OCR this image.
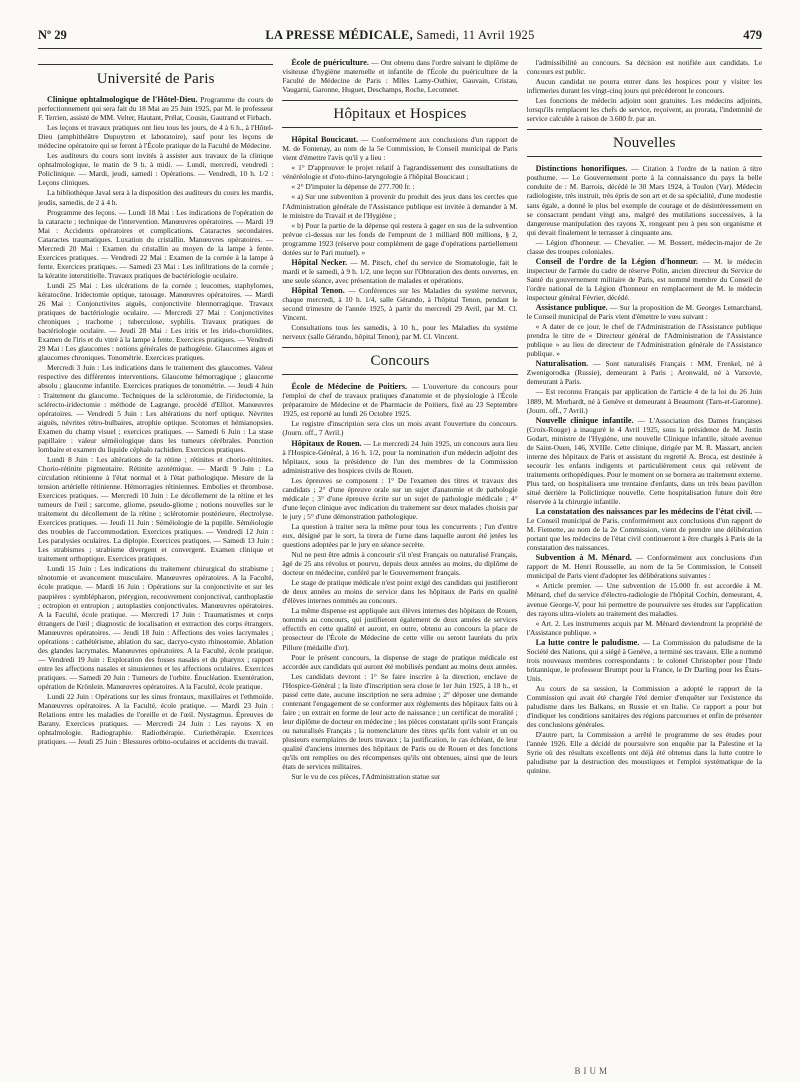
Nº 29	LA PRESSE MÉDICALE, Samedi, 11 Avril 1925	479
Université de Paris

Clinique ophtalmologique de l'Hôtel-Dieu. Programme du cours de perfectionnement qui sera fait du 18 Mai au 25 Juin 1925, par M. le professeur F. Terrien, assisté de MM. Velter, Hautant, Prélat, Cousin, Gautrand et Firbach.

Les leçons et travaux pratiques ont lieu tous les jours, de 4 à 6 h., à l'Hôtel-Dieu (amphithéâtre Dupuytren et laboratoire), sauf pour les leçons de médecine opératoire qui se feront à l'École pratique de la Faculté de Médecine.

Les auditeurs du cours sont invités à assister aux travaux de la clinique ophtalmologique, le matin de 9 h. à midi. — Lundi, mercredi, vendredi : Policlinique. — Mardi, jeudi, samedi : Opérations. — Vendredi, 10 h. 1/2 : Leçons cliniques.

La bibliothèque Javal sera à la disposition des auditeurs du cours les mardis, jeudis, samedis, de 2 à 4 h.

Programme des leçons. — Lundi 18 Mai : Les indications de l'opération de la cataracte ; technique de l'intervention. Manœuvres opératoires. — Mardi 19 Mai : Accidents opératoires et complications. Cataractes secondaires. Cataractes traumatiques. Luxation du cristallin. Manœuvres opératoires. — Mercredi 20 Mai : Examen du cristallin au moyen de la lampe à fente. Exercices pratiques. — Vendredi 22 Mai : Examen de la cornée à la lampe à fente. Exercices pratiques. — Samedi 23 Mai : Les infiltrations de la cornée ; la kératite interstitielle. Travaux pratiques de bactériologie oculaire.

Lundi 25 Mai : Les ulcérations de la cornée ; leucomes, staphylomes, kératocône. Iridectomie optique, tatouage. Manœuvres opératoires. — Mardi 26 Mai : Conjonctivites aiguës, conjonctivite blennorragique. Travaux pratiques de bactériologie oculaire. — Mercredi 27 Mai : Conjonctivites chroniques ; trachome ; tuberculose, syphilis. Travaux pratiques de bactériologie oculaire. — Jeudi 28 Mai : Les iritis et les irido-choroïdites. Examen de l'iris et du vitré à la lampe à fente. Exercices pratiques. — Vendredi 29 Mai : Les glaucomes : notions générales de pathogénie. Glaucomes aigus et glaucomes chroniques. Tonométrie. Exercices pratiques.

Mercredi 3 Juin : Les indications dans le traitement des glaucomes. Valeur respective des différentes interventions. Glaucome hémorragique ; glaucome absolu ; glaucome infantile. Exercices pratiques de tonométrie. — Jeudi 4 Juin : Traitement du glaucome. Techniques de la sclérotomie, de l'iridectomie, la sclérecto-iridectomie : méthode de Lagrange, procédé d'Elliot. Manœuvres opératoires. — Vendredi 5 Juin : Les altérations du nerf optique. Névrites aiguës, névrites rétro-bulbaires, atrophie optique. Scotomes et hémianopsies. Examen du champ visuel ; exercices pratiques. — Samedi 6 Juin : La stase papillaire : valeur séméiologique dans les tumeurs cérébrales. Ponction lombaire et examen du liquide céphalo rachidien. Exercices pratiques.

Lundi 8 Juin : Les altérations de la rétine ; rétinites et chorio-rétinites. Chorio-rétinite pigmentaire. Rétinite azotémique. — Mardi 9 Juin : La circulation rétinienne à l'état normal et à l'état pathologique. Mesure de la tension artérielle rétinienne. Hémorragies rétiniennes. Embolies et thrombose. Exercices pratiques. — Mercredi 10 Juin : Le décollement de la rétine et les tumeurs de l'œil ; sarcome, gliome, pseudo-gliome ; notions nouvelles sur le traitement du décollement de la rétine ; sclérotomie postérieure, électrolyse. Exercices pratiques. — Jeudi 11 Juin : Séméiologie de la pupille. Séméiologie des troubles de l'accommodation. Exercices pratiques. — Vendredi 12 Juin : Les paralysies oculaires. La diplopie. Exercices pratiques. — Samedi 13 Juin : Les strabismes ; strabisme divergent et convergent. Examen clinique et traitement orthoptique. Exercices pratiques.

Lundi 15 Juin : Les indications du traitement chirurgical du strabisme ; ténotomie et avancement musculaire. Manœuvres opératoires. A la Faculté, école pratique. — Mardi 16 Juin : Opérations sur la conjonctivite et sur les paupières : symblépharon, ptérygion, recouvrement conjonctival, canthoplastie ; ectropion et entropion ; autoplasties conjonctivales. Manœuvres opératoires. A la Faculté, école pratique. — Mercredi 17 Juin : Traumatismes et corps étrangers de l'œil ; diagnostic de localisation et extraction des corps étrangers. Manœuvres opératoires. — Jeudi 18 Juin : Affections des voies lacrymales ; opérations : cathétérisme, ablation du sac, dacryo-cysto rhinostomie. Ablation des glandes lacrymales. Manœuvres opératoires. A la Faculté, école pratique. — Vendredi 19 Juin : Exploration des fosses nasales et du pharynx ; rapport entre les affections nasales et sinusiennes et les affections oculaires. Exercices pratiques. — Samedi 20 Juin : Tumeurs de l'orbite. Énucléation. Exentération, opération de Krönlein. Manœuvres opératoires. A la Faculté, école pratique.

Lundi 22 Juin : Opérations sur les sinus frontaux, maxillaires et l'ethmoïde. Manœuvres opératoires. A la Faculté, école pratique. — Mardi 23 Juin : Relations entre les maladies de l'oreille et de l'œil. Nystagmus. Épreuves de Barany. Exercices pratiques. — Mercredi 24 Juin : Les rayons X en ophtalmologie. Radiographie. Radiothérapie. Curiethérapie. Exercices pratiques. — Jeudi 25 Juin : Blessures orbito-oculaires et accidents du travail.

École de puériculture. — Ont obtenu dans l'ordre suivant le diplôme de visiteuse d'hygiène maternelle et infantile de l'École du puériculture de la Faculté de Médecine de Paris : Mlles Lamy-Outhier, Gauvain, Cristau, Vaugarni, Garonne, Huguet, Deschamps, Roche, Lecomnet.

Hôpitaux et Hospices

Hôpital Boucicaut. — Conformément aux conclusions d'un rapport de M. de Fontenay, au nom de la 5e Commission, le Conseil municipal de Paris vient d'émettre l'avis qu'il y a lieu :

« 1° D'approuver le projet relatif à l'agrandissement des consultations de vénéréologie et d'oto-rhino-laryngologie à l'hôpital Boucicaut ;

« 2° D'imputer la dépense de 277.700 fr. :

« a) Sur une subvention à provenir du produit des jeux dans les cercles que l'Administration générale de l'Assistance publique est invitée à demander à M. le ministre du Travail et de l'Hygiène ;

« b) Pour la partie de la dépense qui restera à gager en sus de la subvention prévue ci-dessus sur les fonds de l'emprunt de 1 milliard 800 millions, § 2, programme 1923 (réserve pour complément de gage d'opérations partiellement dotées sur le Pari mutuel). »

Hôpital Necker. — M. Pitsch, chef du service de Stomatologie, fait le mardi et le samedi, à 9 h. 1/2, une leçon sur l'Obturation des dents ouvertes, en une seule séance, avec présentation de malades et opérations.

Hôpital Tenon. — Conférences sur les Maladies du système nerveux, chaque mercredi, à 10 h. 1/4, salle Gérando, à l'hôpital Tenon, pendant le second trimestre de l'année 1925, à partir du mercredi 29 Avril, par M. Cl. Vincent.

Consultations tous les samedis, à 10 h., pour les Maladies du système nerveux (salle Gérando, hôpital Tenon), par M. Cl. Vincent.

Concours

École de Médecine de Poitiers. — L'ouverture du concours pour l'emploi de chef de travaux pratiques d'anatomie et de physiologie à l'École préparatoire de Médecine et de Pharmacie de Poitiers, fixé au 23 Septembre 1925, est reporté au lundi 26 Octobre 1925.

Le registre d'inscription sera clos un mois avant l'ouverture du concours. (Journ. off., 7 Avril.)

Hôpitaux de Rouen. — Le mercredi 24 Juin 1925, un concours aura lieu à l'Hospice-Général, à 16 h. 1/2, pour la nomination d'un médecin adjoint des hôpitaux, sous la présidence de l'un des membres de la Commission administrative des hospices civils de Rouen.

Les épreuves se composent : 1° De l'examen des titres et travaux des candidats ; 2° d'une épreuve orale sur un sujet d'anatomie et de pathologie médicale ; 3° d'une épreuve écrite sur un sujet de pathologie médicale ; 4° d'une leçon clinique avec indication du traitement sur deux malades choisis par le jury ; 5° d'une démonstration pathologique.

La question à traiter sera la même pour tous les concurrents ; l'un d'entre eux, désigné par le sort, la tirera de l'urne dans laquelle auront été jetées les questions adoptées par le jury en séance secrète.

Nul ne peut être admis à concourir s'il n'est Français ou naturalisé Français, âgé de 25 ans révolus et pourvu, depuis deux années au moins, du diplôme de docteur en médecine, conféré par le Gouvernement français.

Le stage de pratique médicale n'est point exigé des candidats qui justifieront de deux années au moins de service dans les hôpitaux de Paris en qualité d'élèves internes nommés au concours.

La même dispense est appliquée aux élèves internes des hôpitaux de Rouen, nommés au concours, qui justifieront également de deux années de services effectifs en cette qualité et auront, en outre, obtenu au concours la place de prosecteur de l'École de Médecine de cette ville ou seront lauréats du prix Pillore (médaille d'or).

Pour le présent concours, la dispense de stage de pratique médicale est accordée aux candidats qui auront été mobilisés pendant au moins deux années.

Les candidats devront : 1° Se faire inscrire à la direction, enclave de l'Hospice-Général ; la liste d'inscription sera close le 1er Juin 1925, à 18 h., et passé cette date, aucune inscription ne sera admise ; 2° déposer une demande contenant l'engagement de se conformer aux règlements des hôpitaux faits ou à faire ; un extrait en forme de leur acte de naissance ; un certificat de moralité ; leur diplôme de docteur en médecine ; les pièces constatant qu'ils sont Français ou naturalisés Français ; la nomenclature des titres qu'ils font valoir et un ou plusieurs exemplaires de leurs travaux ; la justification, le cas échéant, de leur qualité d'anciens internes des hôpitaux de Paris ou de Rouen et des fonctions qu'ils ont remplies ou des récompenses qu'ils ont obtenues, ainsi que de leurs états de services militaires.

Sur le vu de ces pièces, l'Administration statue sur

l'admissibilité au concours. Sa décision est notifiée aux candidats. Le concours est public.

Aucun candidat ne pourra entrer dans les hospices pour y visiter les infirmeries durant les vingt-cinq jours qui précéderont le concours.

Les fonctions de médecin adjoint sont gratuites. Les médecins adjoints, lorsqu'ils remplacent les chefs de service, reçoivent, au prorata, l'indemnité de service calculée à raison de 3.600 fr. par an.

Nouvelles

Distinctions honorifiques. — Citation à l'ordre de la nation à titre posthume. — Le Gouvernement porte à la connaissance du pays la belle conduite de : M. Barrois, décédé le 30 Mars 1924, à Toulon (Var). Médecin radiologiste, très instruit, très épris de son art et de sa spécialité, d'une modestie sans égale, a donné le plus bel exemple de courage et de désintéressement en se consacrant pendant vingt ans, malgré des mutilations successives, à la dangereuse manipulation des rayons X, rongeant peu à peu son organisme et qui devait finalement le terrasser à cinquante ans.

— Légion d'honneur. — Chevalier. — M. Bossert, médecin-major de 2e classe des troupes coloniales.

Conseil de l'ordre de la Légion d'honneur. — M. le médecin inspecteur de l'armée du cadre de réserve Polin, ancien directeur du Service de Santé du gouvernement militaire de Paris, est nommé membre du Conseil de l'ordre national de la Légion d'honneur en remplacement de M. le médecin inspecteur général Février, décédé.

Assistance publique. — Sur la proposition de M. Georges Lemarchand, le Conseil municipal de Paris vient d'émettre le vœu suivant :

« A dater de ce jour, le chef de l'Administration de l'Assistance publique prendra le titre de « Directeur général de l'Administration de l'Assistance publique » au lieu de directeur de l'Administration générale de l'Assistance publique. »

Naturalisation. — Sont naturalisés Français : MM. Frenkel, né à Zwenigorodka (Russie), demeurant à Paris ; Aronwald, né à Varsovie, demeurant à Paris.

— Est reconnu Français par application de l'article 4 de la loi du 26 Juin 1889, M. Morhardt, né à Genève et demeurant à Beaumont (Tarn-et-Garonne). (Journ. off., 7 Avril.)

Nouvelle clinique infantile. — L'Association des Dames françaises (Croix-Rouge) a inauguré le 4 Avril 1925, sous la présidence de M. Justin Godart, ministre de l'Hygiène, une nouvelle Clinique infantile, située avenue de Saint-Ouen, 146, XVIIIe. Cette clinique, dirigée par M. R. Massart, ancien interne des hôpitaux de Paris et assistant du regretté A. Broca, est destinée à secourir les enfants indigents et particulièrement ceux qui relèvent de traitements orthopédiques. Pour le moment on se bornera au traitement externe. Plus tard, on hospitalisera une trentaine d'enfants, dans un très beau pavillon situé derrière la Policlinique nouvelle. Cette hospitalisation future doit être réservée à la chirurgie infantile.

La constatation des naissances par les médecins de l'état civil. — Le Conseil municipal de Paris, conformément aux conclusions d'un rapport de M. Fiemette, au nom de la 2e Commission, vient de prendre une délibération portant que les médecins de l'état civil continueront à être chargés à Paris de la constatation des naissances.

Subvention à M. Ménard. — Conformément aux conclusions d'un rapport de M. Henri Rousselle, au nom de la 5e Commission, le Conseil municipal de Paris vient d'adopter les délibérations suivantes :

« Article premier. — Une subvention de 15.000 fr. est accordée à M. Ménard, chef du service d'électro-radiologie de l'hôpital Cochin, demeurant, 4, avenue George-V, pour lui permettre de poursuivre ses études sur l'application des rayons ultra-violets au traitement des maladies.

« Art. 2. Les instruments acquis par M. Ménard deviendront la propriété de l'Assistance publique. »

La lutte contre le paludisme. — La Commission du paludisme de la Société des Nations, qui a siégé à Genève, a terminé ses travaux. Elle a nommé trois nouveaux membres correspondants : le colonel Christopher pour l'Inde britannique, le professeur Brumpt pour la France, le Dr Darling pour les États-Unis.

Au cours de sa session, la Commission a adopté le rapport de la Commission qui avait été chargée l'été dernier d'enquêter sur l'existence du paludisme dans les Balkans, en Russie et en Italie. Ce rapport a pour but d'indiquer les conditions sanitaires des régions parcourues et enfin de présenter des conclusions générales.

D'autre part, la Commission a arrêté le programme de ses études pour l'année 1926. Elle a décidé de poursuivre son enquête par la Palestine et la Syrie où des résultats excellents ont déjà été obtenus dans la lutte contre le paludisme par la destruction des moustiques et l'emploi systématique de la quinine.

BIUM
